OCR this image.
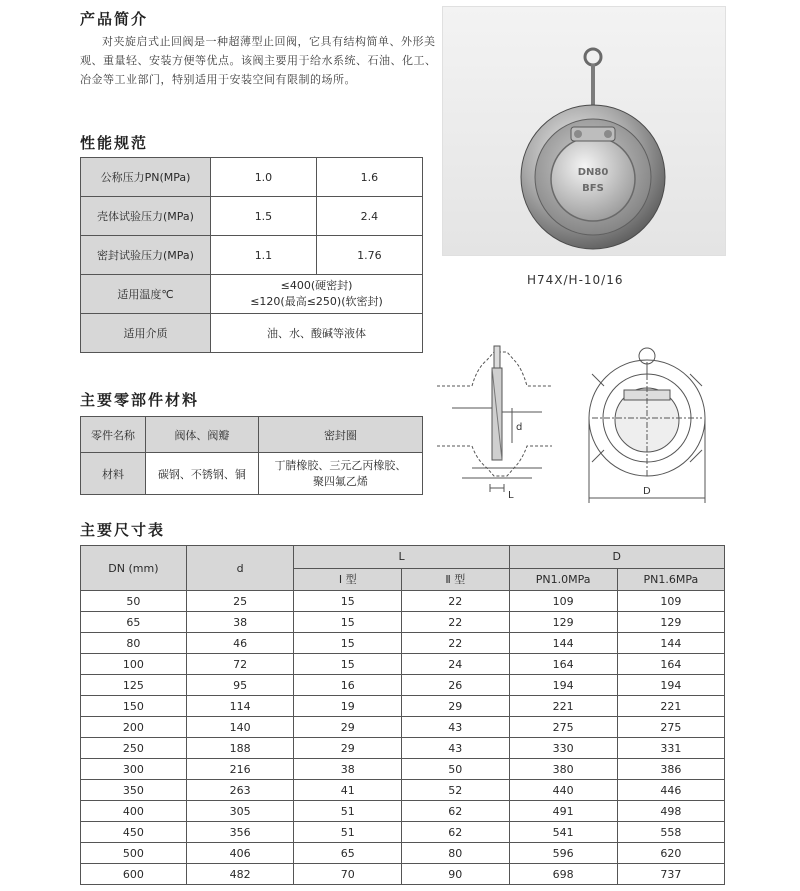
产品简介
对夹旋启式止回阀是一种超薄型止回阀，它具有结构简单、外形美观、重量轻、安装方便等优点。该阀主要用于给水系统、石油、化工、冶金等工业部门，特别适用于安装空间有限制的场所。
性能规范
公称压力PN(MPa)	1.0	1.6
壳体试验压力(MPa)	1.5	2.4
密封试验压力(MPa)	1.1	1.76
适用温度℃	≤400(硬密封)
≤120(最高≤250)(软密封)	

适用介质	油、水、酸碱等液体	
DN80
BFS
H74X/H-10/16
d
L	D
主要零部件材料
零件名称	阀体、阀瓣	密封圈
材料	碳钢、不锈钢、铜	丁腈橡胶、三元乙丙橡胶、
聚四氟乙烯
主要尺寸表
DN (mm)	d	L		D	
		Ⅰ 型	Ⅱ 型	PN1.0MPa	PN1.6MPa
50	25	15	22	109	109
65	38	15	22	129	129
80	46	15	22	144	144
100	72	15	24	164	164
125	95	16	26	194	194
150	114	19	29	221	221
200	140	29	43	275	275
250	188	29	43	330	331
300	216	38	50	380	386
350	263	41	52	440	446
400	305	51	62	491	498
450	356	51	62	541	558
500	406	65	80	596	620
600	482	70	90	698	737
